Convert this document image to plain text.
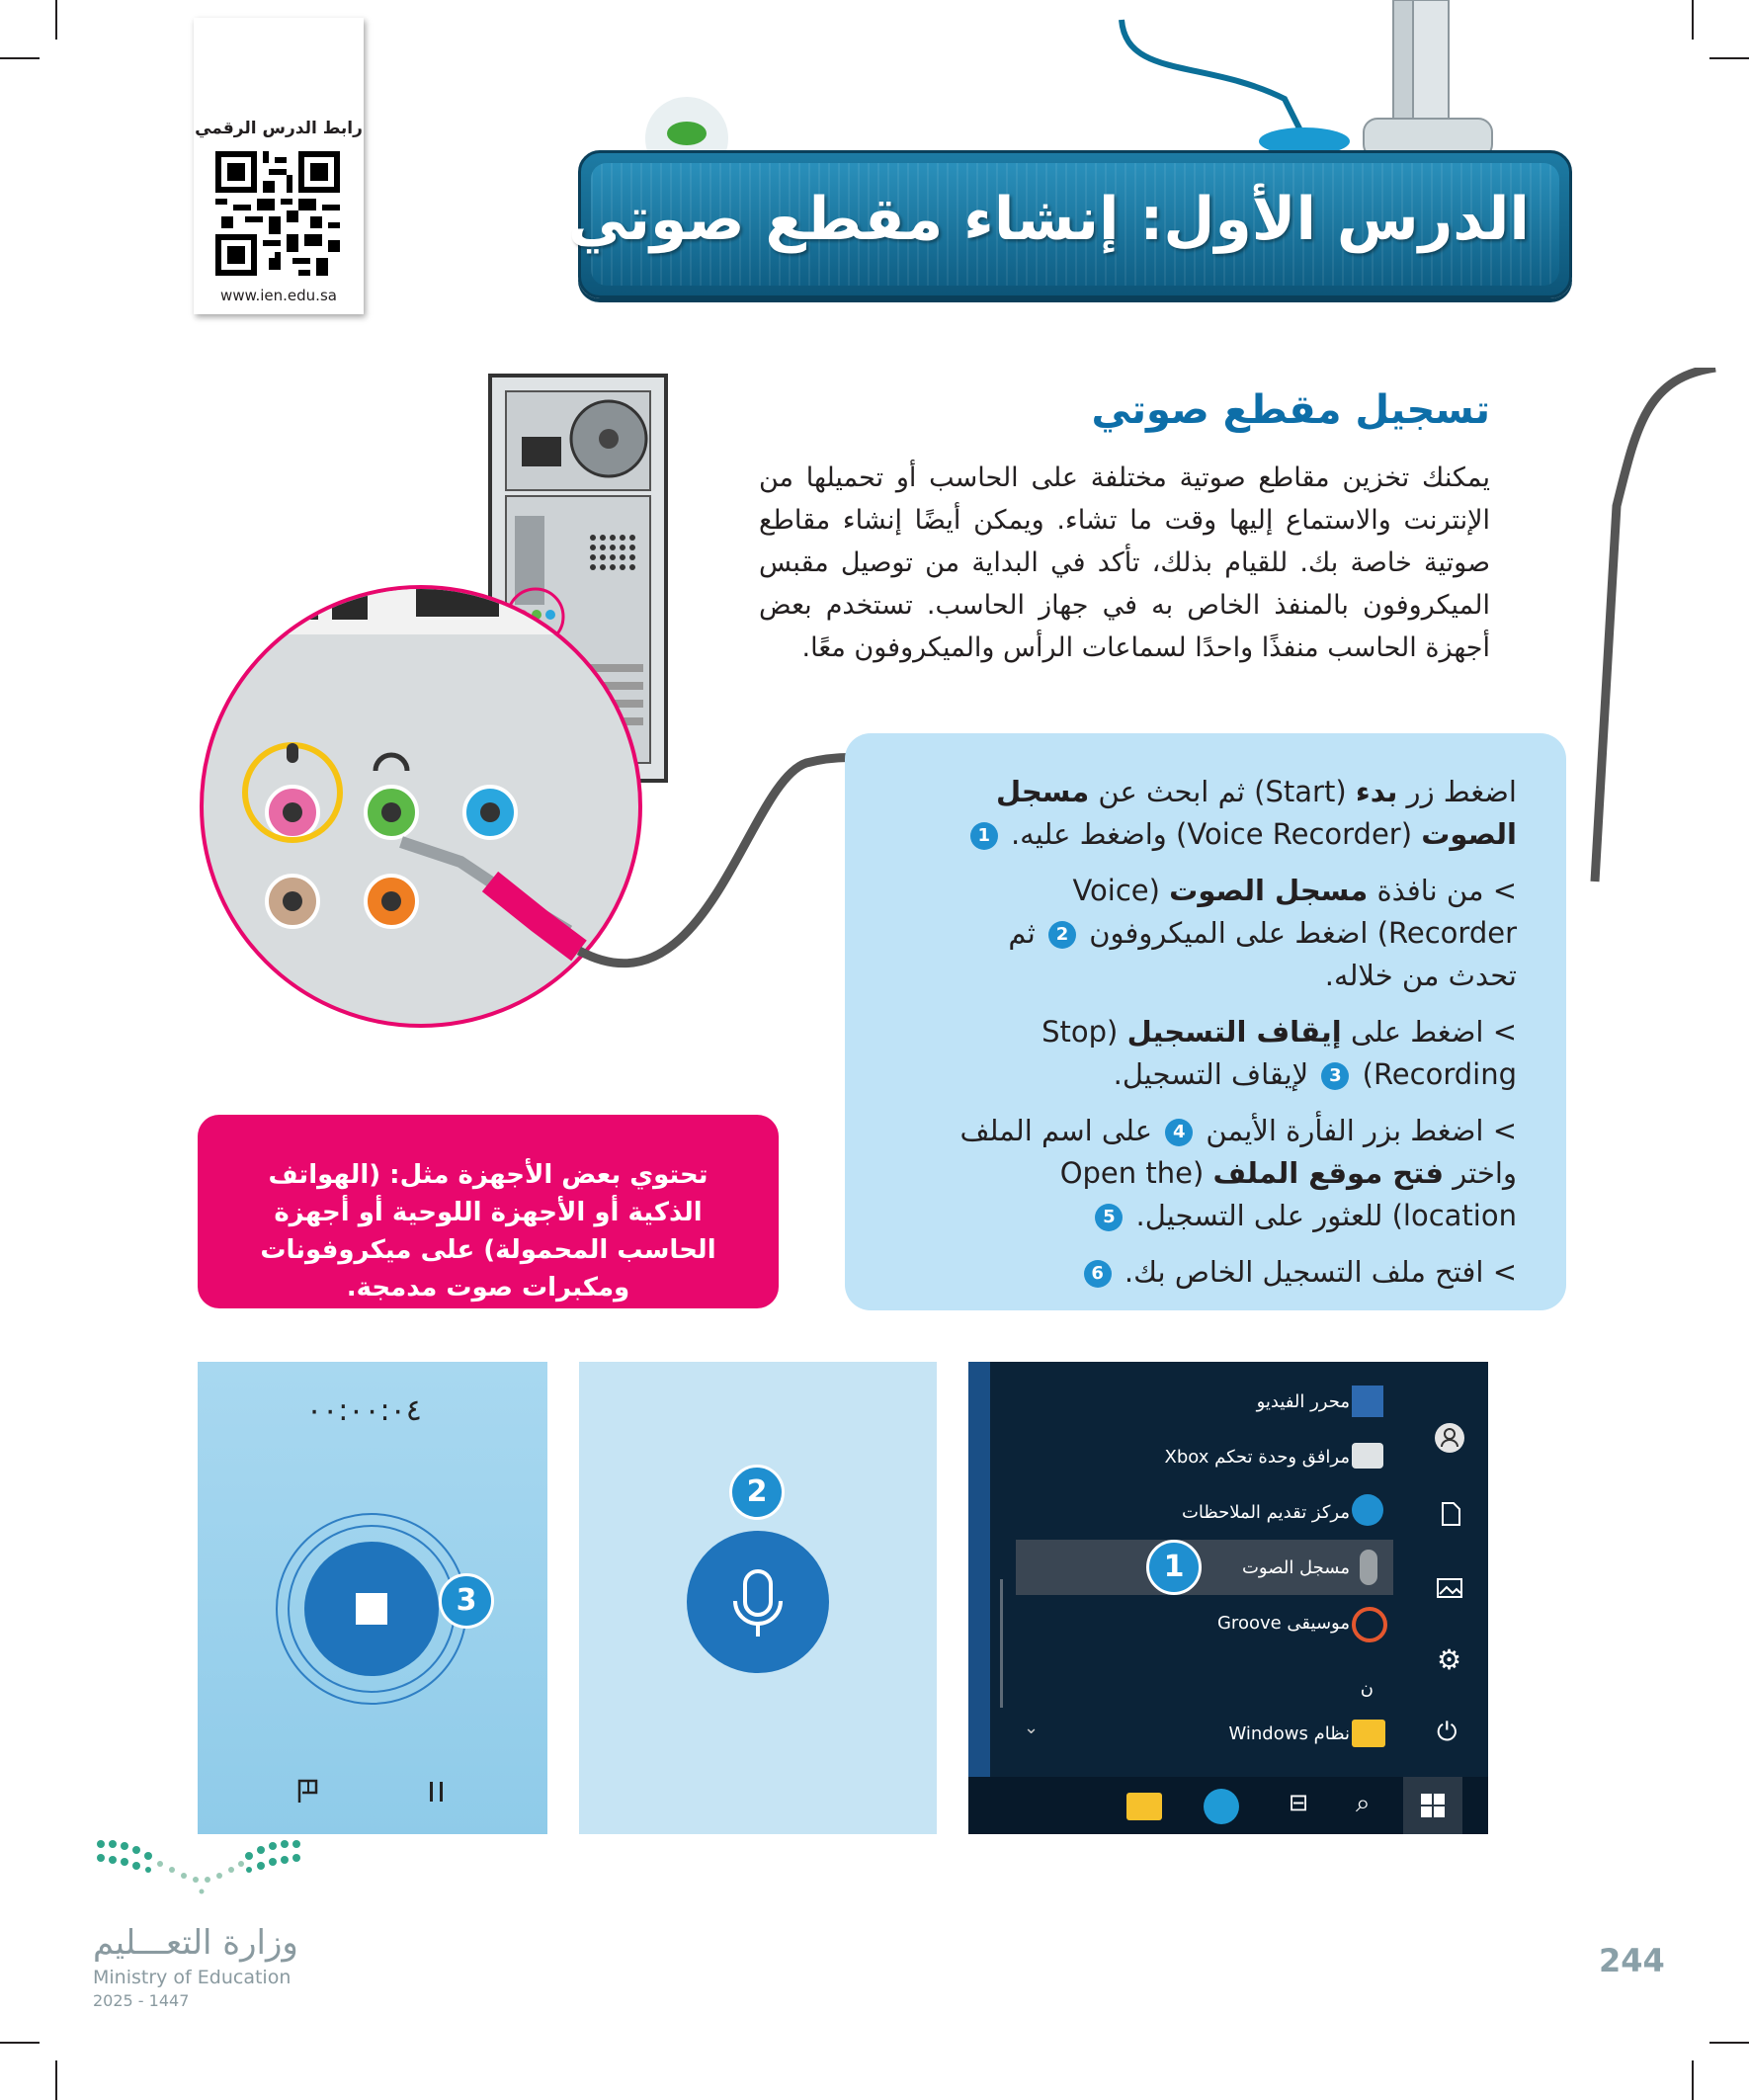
رابط الدرس الرقمي
www.ien.edu.sa
الدرس الأول: إنشاء مقطع صوتي
تسجيل مقطع صوتي
يمكنك تخزين مقاطع صوتية مختلفة على الحاسب أو تحميلها من الإنترنت والاستماع إليها وقت ما تشاء. ويمكن أيضًا إنشاء مقاطع صوتية خاصة بك. للقيام بذلك، تأكد في البداية من توصيل مقبس الميكروفون بالمنفذ الخاص به في جهاز الحاسب. تستخدم بعض أجهزة الحاسب منفذًا واحدًا لسماعات الرأس والميكروفون معًا.

اضغط زر بدء (Start) ثم ابحث عن مسجل الصوت (Voice Recorder) واضغط عليه. 1

> من نافذة مسجل الصوت (Voice Recorder) اضغط على الميكروفون 2 ثم تحدث من خلاله.

> اضغط على إيقاف التسجيل (Stop Recording) 3 لإيقاف التسجيل.

> اضغط بزر الفأرة الأيمن 4 على اسم الملف واختر فتح موقع الملف (Open the location) للعثور على التسجيل. 5

> افتح ملف التسجيل الخاص بك. 6

تحتوي بعض الأجهزة مثل: (الهواتف الذكية أو الأجهزة اللوحية أو أجهزة الحاسب المحمولة) على ميكروفونات ومكبرات صوت مدمجة.
٠٠:٠٠:٠٤
3
2
⚙
⏻
⌄
محرر الفيديو
مرافق وحدة تحكم Xbox
مركز تقديم الملاحظات
مسجل الصوت
موسيقى Groove
ن
نظام Windows
1
⌕
⊟
وزارة التعـــليم
Ministry of Education
2025 - 1447
244
